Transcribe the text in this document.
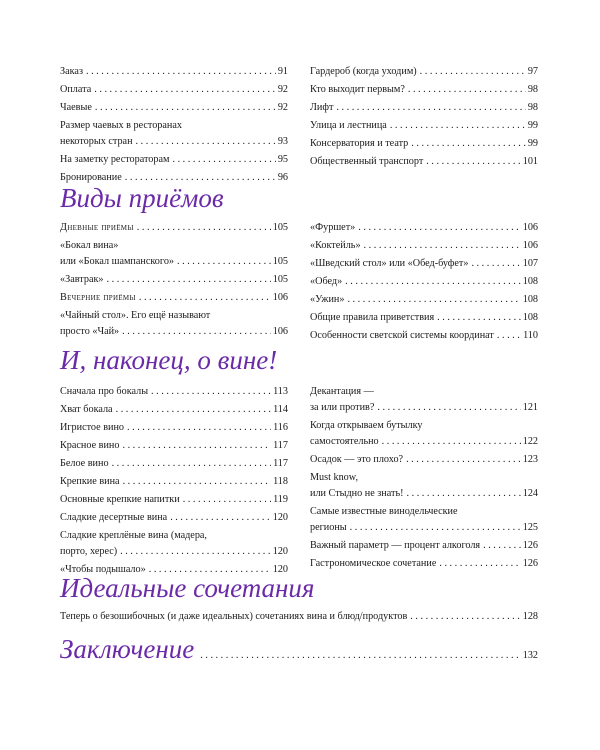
Заказ . . .	91
Оплата . . .	92
Чаевые . . .	92
Размер чаевых в ресторанах
некоторых стран . . .	93
На заметку рестораторам . . .	95
Бронирование . . .	96
Гардероб (когда уходим) . . .	97
Кто выходит первым? . . .	98
Лифт . . .	98
Улица и лестница . . .	99
Консерватория и театр . . .	99
Общественный транспорт . . .	101
Виды приёмов
Дневные приёмы . . .	105
«Бокал вина»
или «Бокал шампанского» . . .	105
«Завтрак» . . .	105
Вечерние приёмы . . .	106
«Чайный стол». Его ещё называют
просто «Чай» . . .	106
«Фуршет» . . .	106
«Коктейль» . . .	106
«Шведский стол» или «Обед-буфет» . . .	107
«Обед» . . .	108
«Ужин» . . .	108
Общие правила приветствия . . .	108
Особенности светской системы координат . . .	110
И, наконец, о вине!
Сначала про бокалы . . .	113
Хват бокала . . .	114
Игристое вино . . .	116
Красное вино . . .	117
Белое вино . . .	117
Крепкие вина . . .	118
Основные крепкие напитки . . .	119
Сладкие десертные вина . . .	120
Сладкие креплёные вина (мадера,
порто, херес) . . .	120
«Чтобы подышало» . . .	120
Декантация —
за или против? . . .	121
Когда открываем бутылку
самостоятельно . . .	122
Осадок — это плохо? . . .	123
Must know,
или Стыдно не знать! . . .	124
Самые известные винодельческие
регионы . . .	125
Важный параметр — процент алкоголя . . .	126
Гастрономическое сочетание . . .	126
Идеальные сочетания
Теперь о безошибочных (и даже идеальных) сочетаниях вина и блюд/продуктов . . .	128
Заключение . . .	132
